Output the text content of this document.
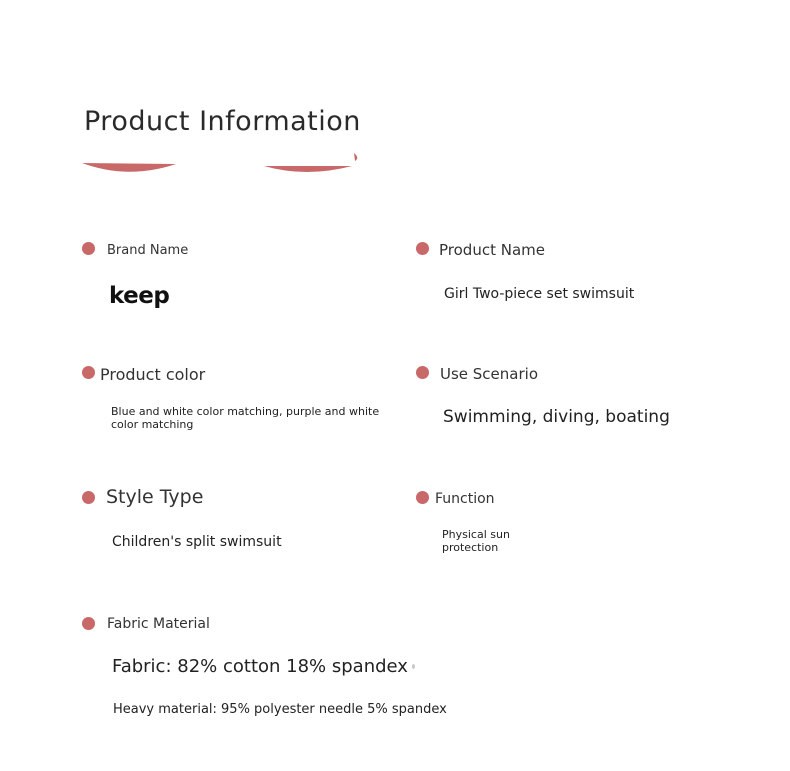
Product Information
Brand Name
keep
Product Name
Girl Two-piece set swimsuit
Product color
Blue and white color matching, purple and white color matching
Use Scenario
Swimming, diving, boating
Style Type
Children's split swimsuit
Function
Physical sun protection
Fabric Material
Fabric: 82% cotton 18% spandex
Heavy material: 95% polyester needle 5% spandex
